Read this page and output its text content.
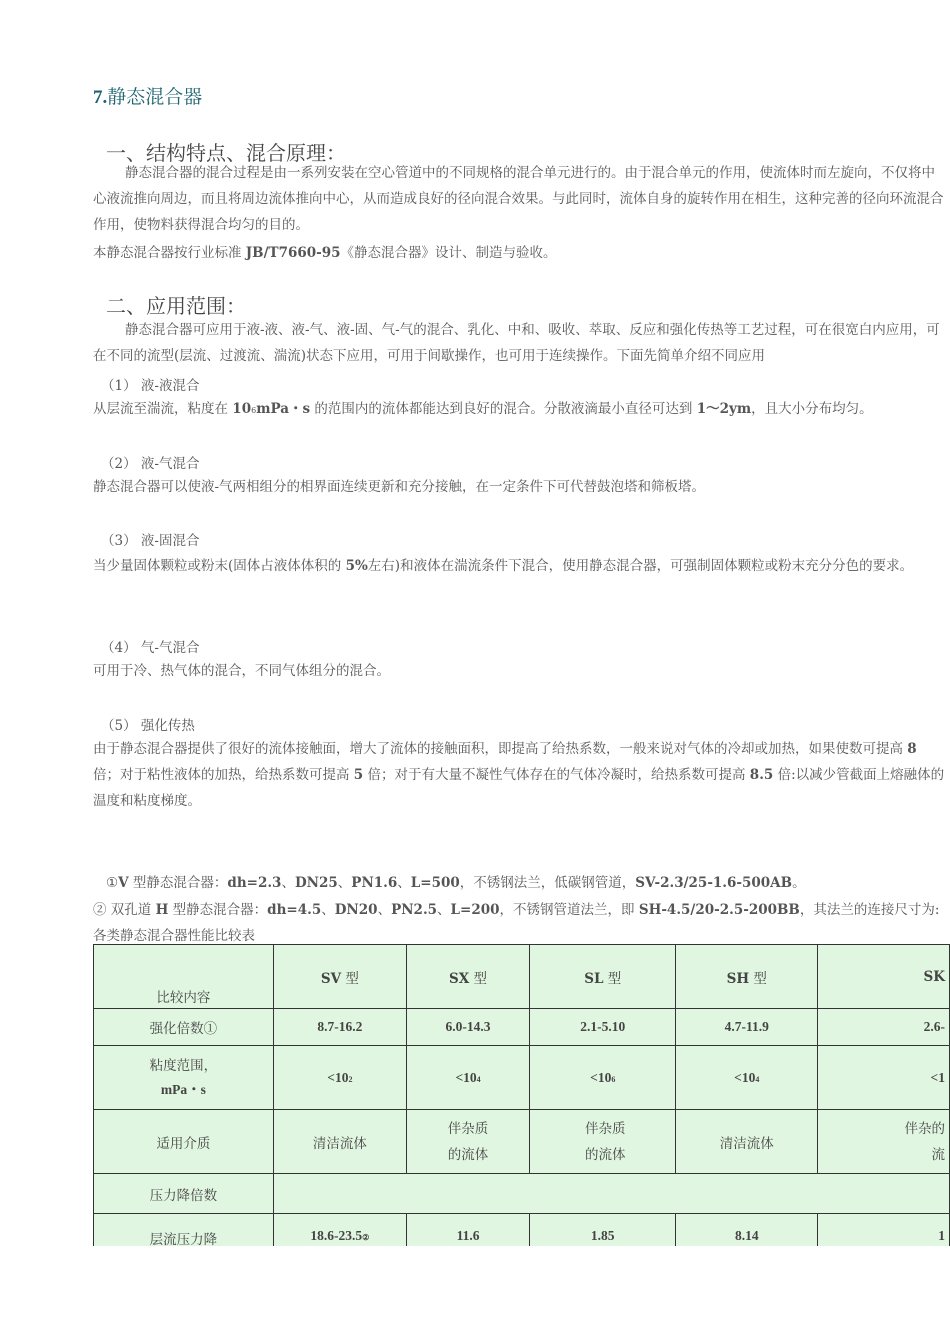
7.静态混合器
一、结构特点、混合原理：
静态混合器的混合过程是由一系列安装在空心管道中的不同规格的混合单元进行的。由于混合单元的作用，使流体时而左旋向，不仅将中心液流推向周边，而且将周边流体推向中心，从而造成良好的径向混合效果。与此同时，流体自身的旋转作用在相生，这种完善的径向环流混合作用，使物料获得混合均匀的目的。
本静态混合器按行业标准 JB/T7660-95《静态混合器》设计、制造与验收。
二、应用范围：
静态混合器可应用于液-液、液-气、液-固、气-气的混合、乳化、中和、吸收、萃取、反应和强化传热等工艺过程，可在很宽白内应用，可在不同的流型(层流、过渡流、湍流)状态下应用，可用于间歇操作，也可用于连续操作。下面先简单介绍不同应用
（1） 液-液混合
从层流至湍流，粘度在 106mPa・s 的范围内的流体都能达到良好的混合。分散液滴最小直径可达到 1～2ym，且大小分布均匀。
（2） 液-气混合
静态混合器可以使液-气两相组分的相界面连续更新和充分接触，在一定条件下可代替鼓泡塔和筛板塔。
（3） 液-固混合
当少量固体颗粒或粉末(固体占液体体积的 5%左右)和液体在湍流条件下混合，使用静态混合器，可强制固体颗粒或粉末充分分色的要求。
（4） 气-气混合
可用于冷、热气体的混合，不同气体组分的混合。
（5） 强化传热
由于静态混合器提供了很好的流体接触面，增大了流体的接触面积，即提高了给热系数，一般来说对气体的冷却或加热，如果使数可提高 8 倍；对于粘性液体的加热，给热系数可提高 5 倍；对于有大量不凝性气体存在的气体冷凝时，给热系数可提高 8.5 倍:以减少管截面上熔融体的温度和粘度梯度。
①V 型静态混合器：dh=2.3、DN25、PN1.6、L=500，不锈钢法兰，低碳钢管道，SV-2.3/25-1.6-500AB。
② 双孔道 H 型静态混合器：dh=4.5、DN20、PN2.5、L=200，不锈钢管道法兰，即 SH-4.5/20-2.5-200BB，其法兰的连接尺寸为:
各类静态混合器性能比较表
比较内容	SV 型	SX 型	SL 型	SH 型	SK
强化倍数①	8.7-16.2	6.0-14.3	2.1-5.10	4.7-11.9	2.6-
粘度范围，
mPa・s	<102	<104	<106	<104	<1
适用介质	清洁流体	伴杂质
的流体	伴杂质
的流体	清洁流体	伴杂的
流
压力降倍数					
层流压力降	18.6-23.5②	11.6	1.85	8.14	1
